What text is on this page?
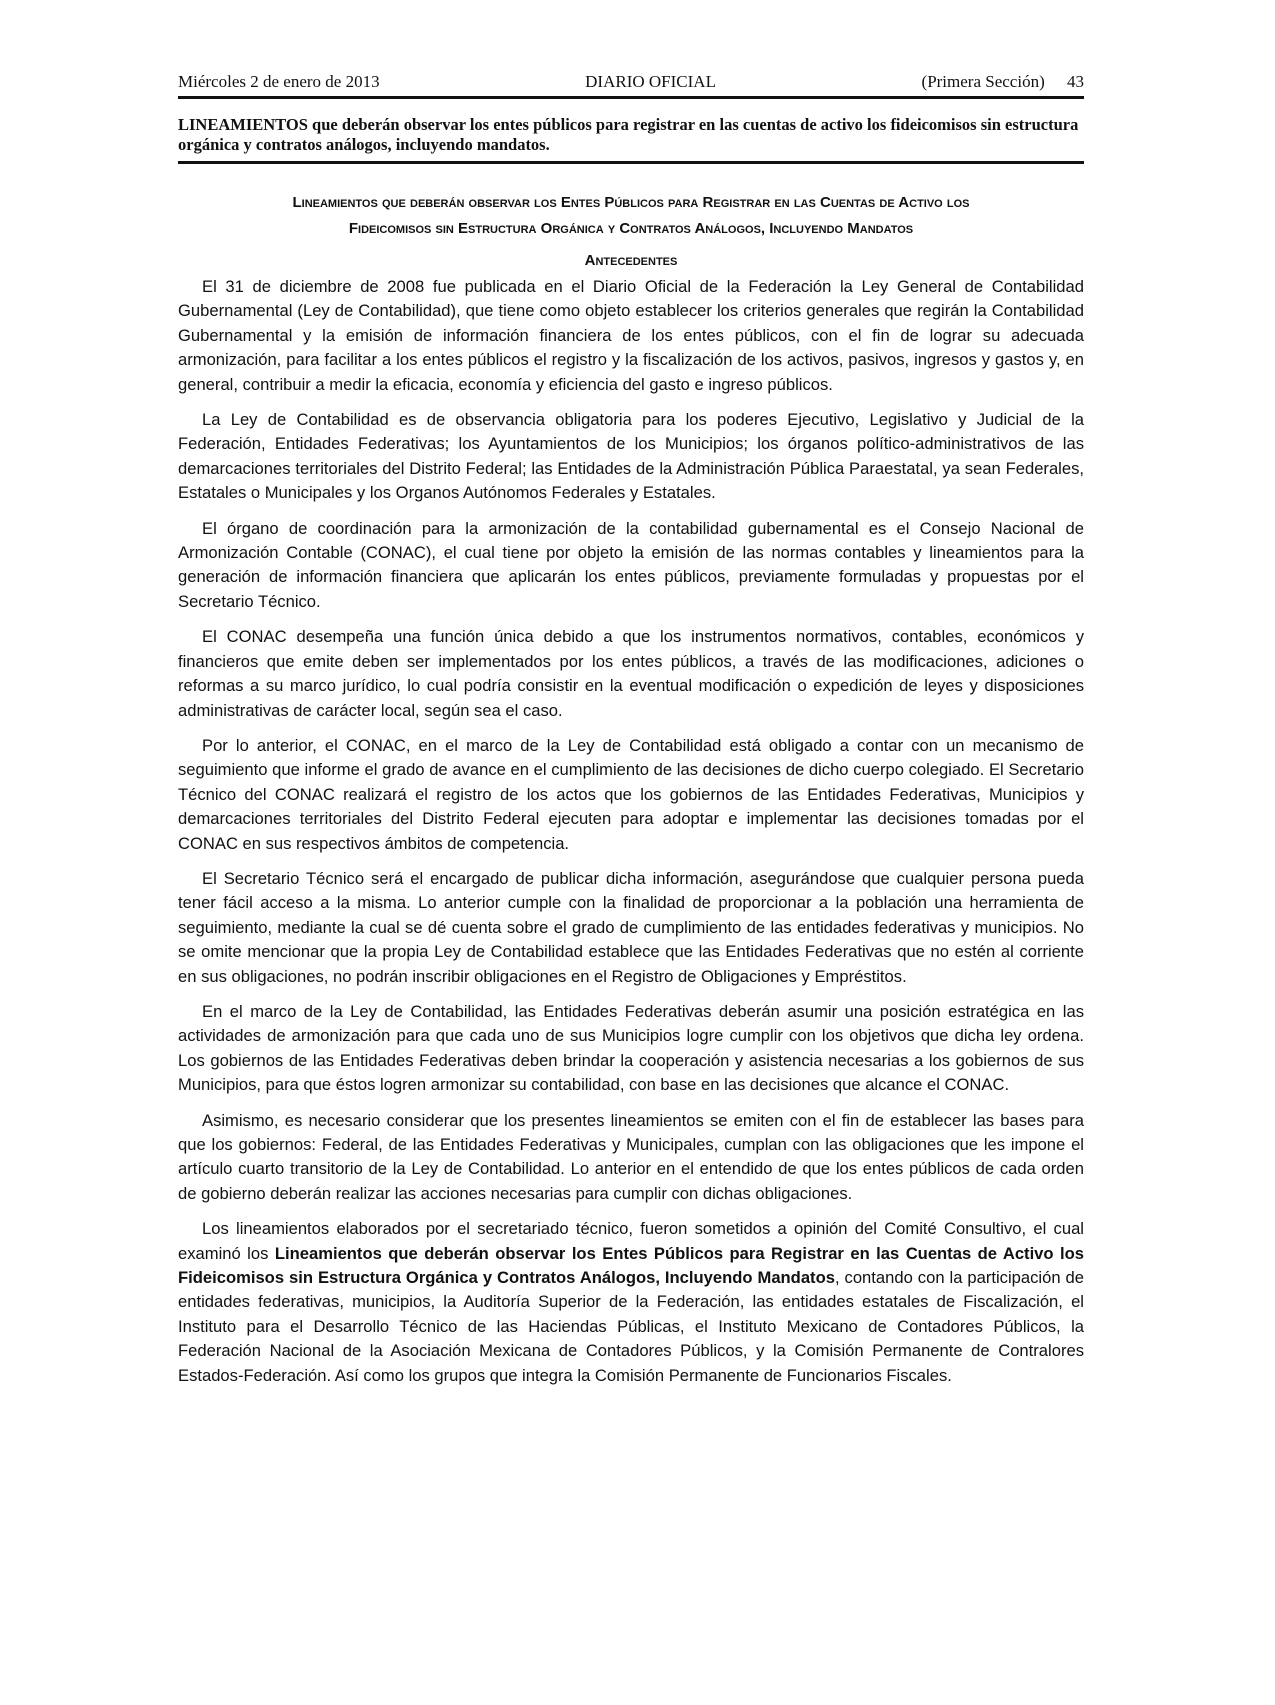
Miércoles 2 de enero de 2013	DIARIO OFICIAL	(Primera Sección) 43
LINEAMIENTOS que deberán observar los entes públicos para registrar en las cuentas de activo los fideicomisos sin estructura orgánica y contratos análogos, incluyendo mandatos.
Lineamientos que deberán observar los Entes Públicos para Registrar en las Cuentas de Activo los
Fideicomisos sin Estructura Orgánica y Contratos Análogos, Incluyendo Mandatos
Antecedentes

El 31 de diciembre de 2008 fue publicada en el Diario Oficial de la Federación la Ley General de Contabilidad Gubernamental (Ley de Contabilidad), que tiene como objeto establecer los criterios generales que regirán la Contabilidad Gubernamental y la emisión de información financiera de los entes públicos, con el fin de lograr su adecuada armonización, para facilitar a los entes públicos el registro y la fiscalización de los activos, pasivos, ingresos y gastos y, en general, contribuir a medir la eficacia, economía y eficiencia del gasto e ingreso públicos.

La Ley de Contabilidad es de observancia obligatoria para los poderes Ejecutivo, Legislativo y Judicial de la Federación, Entidades Federativas; los Ayuntamientos de los Municipios; los órganos político-administrativos de las demarcaciones territoriales del Distrito Federal; las Entidades de la Administración Pública Paraestatal, ya sean Federales, Estatales o Municipales y los Organos Autónomos Federales y Estatales.

El órgano de coordinación para la armonización de la contabilidad gubernamental es el Consejo Nacional de Armonización Contable (CONAC), el cual tiene por objeto la emisión de las normas contables y lineamientos para la generación de información financiera que aplicarán los entes públicos, previamente formuladas y propuestas por el Secretario Técnico.

El CONAC desempeña una función única debido a que los instrumentos normativos, contables, económicos y financieros que emite deben ser implementados por los entes públicos, a través de las modificaciones, adiciones o reformas a su marco jurídico, lo cual podría consistir en la eventual modificación o expedición de leyes y disposiciones administrativas de carácter local, según sea el caso.

Por lo anterior, el CONAC, en el marco de la Ley de Contabilidad está obligado a contar con un mecanismo de seguimiento que informe el grado de avance en el cumplimiento de las decisiones de dicho cuerpo colegiado. El Secretario Técnico del CONAC realizará el registro de los actos que los gobiernos de las Entidades Federativas, Municipios y demarcaciones territoriales del Distrito Federal ejecuten para adoptar e implementar las decisiones tomadas por el CONAC en sus respectivos ámbitos de competencia.

El Secretario Técnico será el encargado de publicar dicha información, asegurándose que cualquier persona pueda tener fácil acceso a la misma. Lo anterior cumple con la finalidad de proporcionar a la población una herramienta de seguimiento, mediante la cual se dé cuenta sobre el grado de cumplimiento de las entidades federativas y municipios. No se omite mencionar que la propia Ley de Contabilidad establece que las Entidades Federativas que no estén al corriente en sus obligaciones, no podrán inscribir obligaciones en el Registro de Obligaciones y Empréstitos.

En el marco de la Ley de Contabilidad, las Entidades Federativas deberán asumir una posición estratégica en las actividades de armonización para que cada uno de sus Municipios logre cumplir con los objetivos que dicha ley ordena. Los gobiernos de las Entidades Federativas deben brindar la cooperación y asistencia necesarias a los gobiernos de sus Municipios, para que éstos logren armonizar su contabilidad, con base en las decisiones que alcance el CONAC.

Asimismo, es necesario considerar que los presentes lineamientos se emiten con el fin de establecer las bases para que los gobiernos: Federal, de las Entidades Federativas y Municipales, cumplan con las obligaciones que les impone el artículo cuarto transitorio de la Ley de Contabilidad. Lo anterior en el entendido de que los entes públicos de cada orden de gobierno deberán realizar las acciones necesarias para cumplir con dichas obligaciones.

Los lineamientos elaborados por el secretariado técnico, fueron sometidos a opinión del Comité Consultivo, el cual examinó los Lineamientos que deberán observar los Entes Públicos para Registrar en las Cuentas de Activo los Fideicomisos sin Estructura Orgánica y Contratos Análogos, Incluyendo Mandatos, contando con la participación de entidades federativas, municipios, la Auditoría Superior de la Federación, las entidades estatales de Fiscalización, el Instituto para el Desarrollo Técnico de las Haciendas Públicas, el Instituto Mexicano de Contadores Públicos, la Federación Nacional de la Asociación Mexicana de Contadores Públicos, y la Comisión Permanente de Contralores Estados-Federación. Así como los grupos que integra la Comisión Permanente de Funcionarios Fiscales.
